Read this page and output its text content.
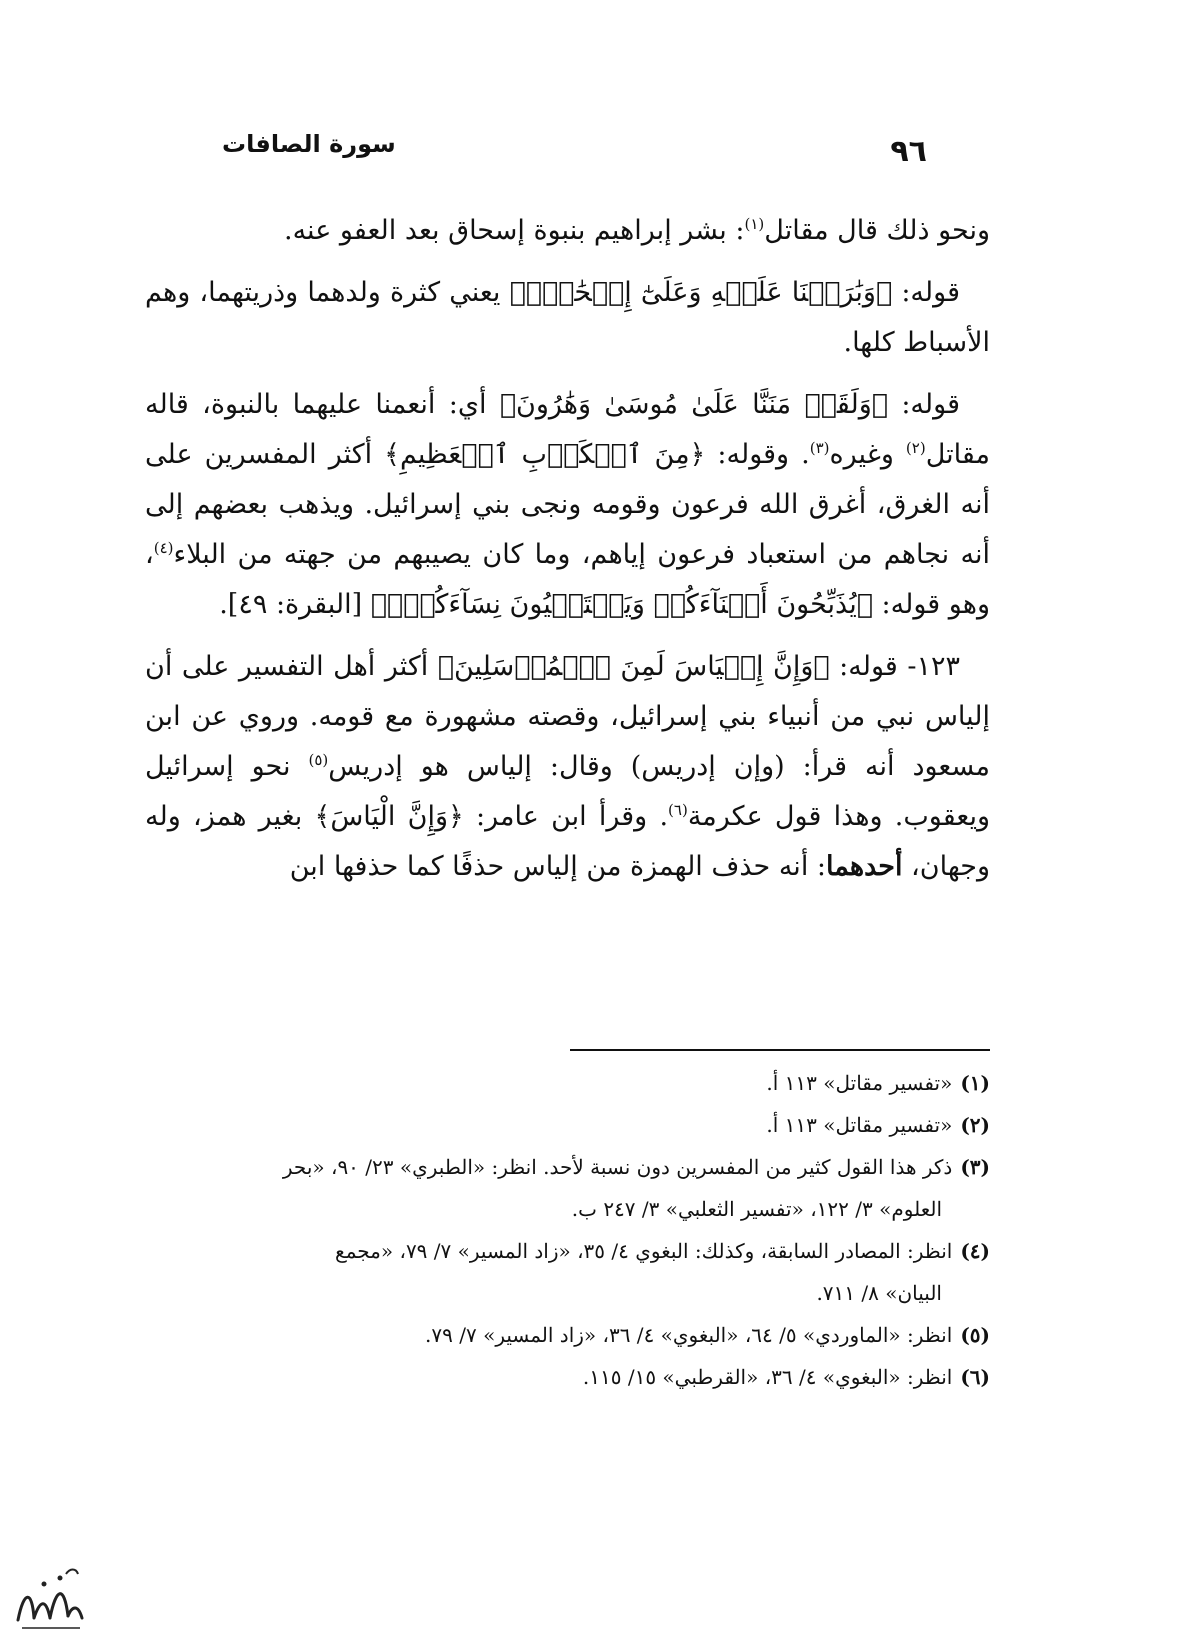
٩٦
سورة الصافات

ونحو ذلك قال مقاتل$^{(١)}$: بشر إبراهيم بنبوة إسحاق بعد العفو عنه.

قوله: ﴿وَبَٰرَكۡنَا عَلَيۡهِ وَعَلَىٰٓ إِسۡحَٰقَۚ﴾ يعني كثرة ولدهما وذريتهما، وهم الأسباط كلها.

قوله: ﴿وَلَقَدۡ مَنَنَّا عَلَىٰ مُوسَىٰ وَهَٰرُونَ﴾ أي: أنعمنا عليهما بالنبوة، قاله مقاتل$^{(٢)}$ وغيره$^{(٣)}$. وقوله: ﴿مِنَ ٱلۡكَرۡبِ ٱلۡعَظِيمِ﴾ أكثر المفسرين على أنه الغرق، أغرق الله فرعون وقومه ونجى بني إسرائيل. ويذهب بعضهم إلى أنه نجاهم من استعباد فرعون إياهم، وما كان يصيبهم من جهته من البلاء$^{(٤)}$، وهو قوله: ﴿يُذَبِّحُونَ أَبۡنَآءَكُمۡ وَيَسۡتَحۡيُونَ نِسَآءَكُمۡۚ﴾ [البقرة: ٤٩].

١٢٣- قوله: ﴿وَإِنَّ إِلۡيَاسَ لَمِنَ ٱلۡمُرۡسَلِينَ﴾ أكثر أهل التفسير على أن إلياس نبي من أنبياء بني إسرائيل، وقصته مشهورة مع قومه. وروي عن ابن مسعود أنه قرأ: (وإن إدريس) وقال: إلياس هو إدريس$^{(٥)}$ نحو إسرائيل ويعقوب. وهذا قول عكرمة$^{(٦)}$. وقرأ ابن عامر: ﴿وَإِنَّ الْيَاسَ﴾ بغير همز، وله وجهان، أحدهما: أنه حذف الهمزة من إلياس حذفًا كما حذفها ابن

(١)«تفسير مقاتل» ١١٣ أ.

(٢)«تفسير مقاتل» ١١٣ أ.

(٣)ذكر هذا القول كثير من المفسرين دون نسبة لأحد. انظر: «الطبري» ٢٣/ ٩٠، «بحر
العلوم» ٣/ ١٢٢، «تفسير الثعلبي» ٣/ ٢٤٧ ب.

(٤)انظر: المصادر السابقة، وكذلك: البغوي ٤/ ٣٥، «زاد المسير» ٧/ ٧٩، «مجمع
البيان» ٨/ ٧١١.

(٥)انظر: «الماوردي» ٥/ ٦٤، «البغوي» ٤/ ٣٦، «زاد المسير» ٧/ ٧٩.

(٦)انظر: «البغوي» ٤/ ٣٦، «القرطبي» ١٥/ ١١٥.
